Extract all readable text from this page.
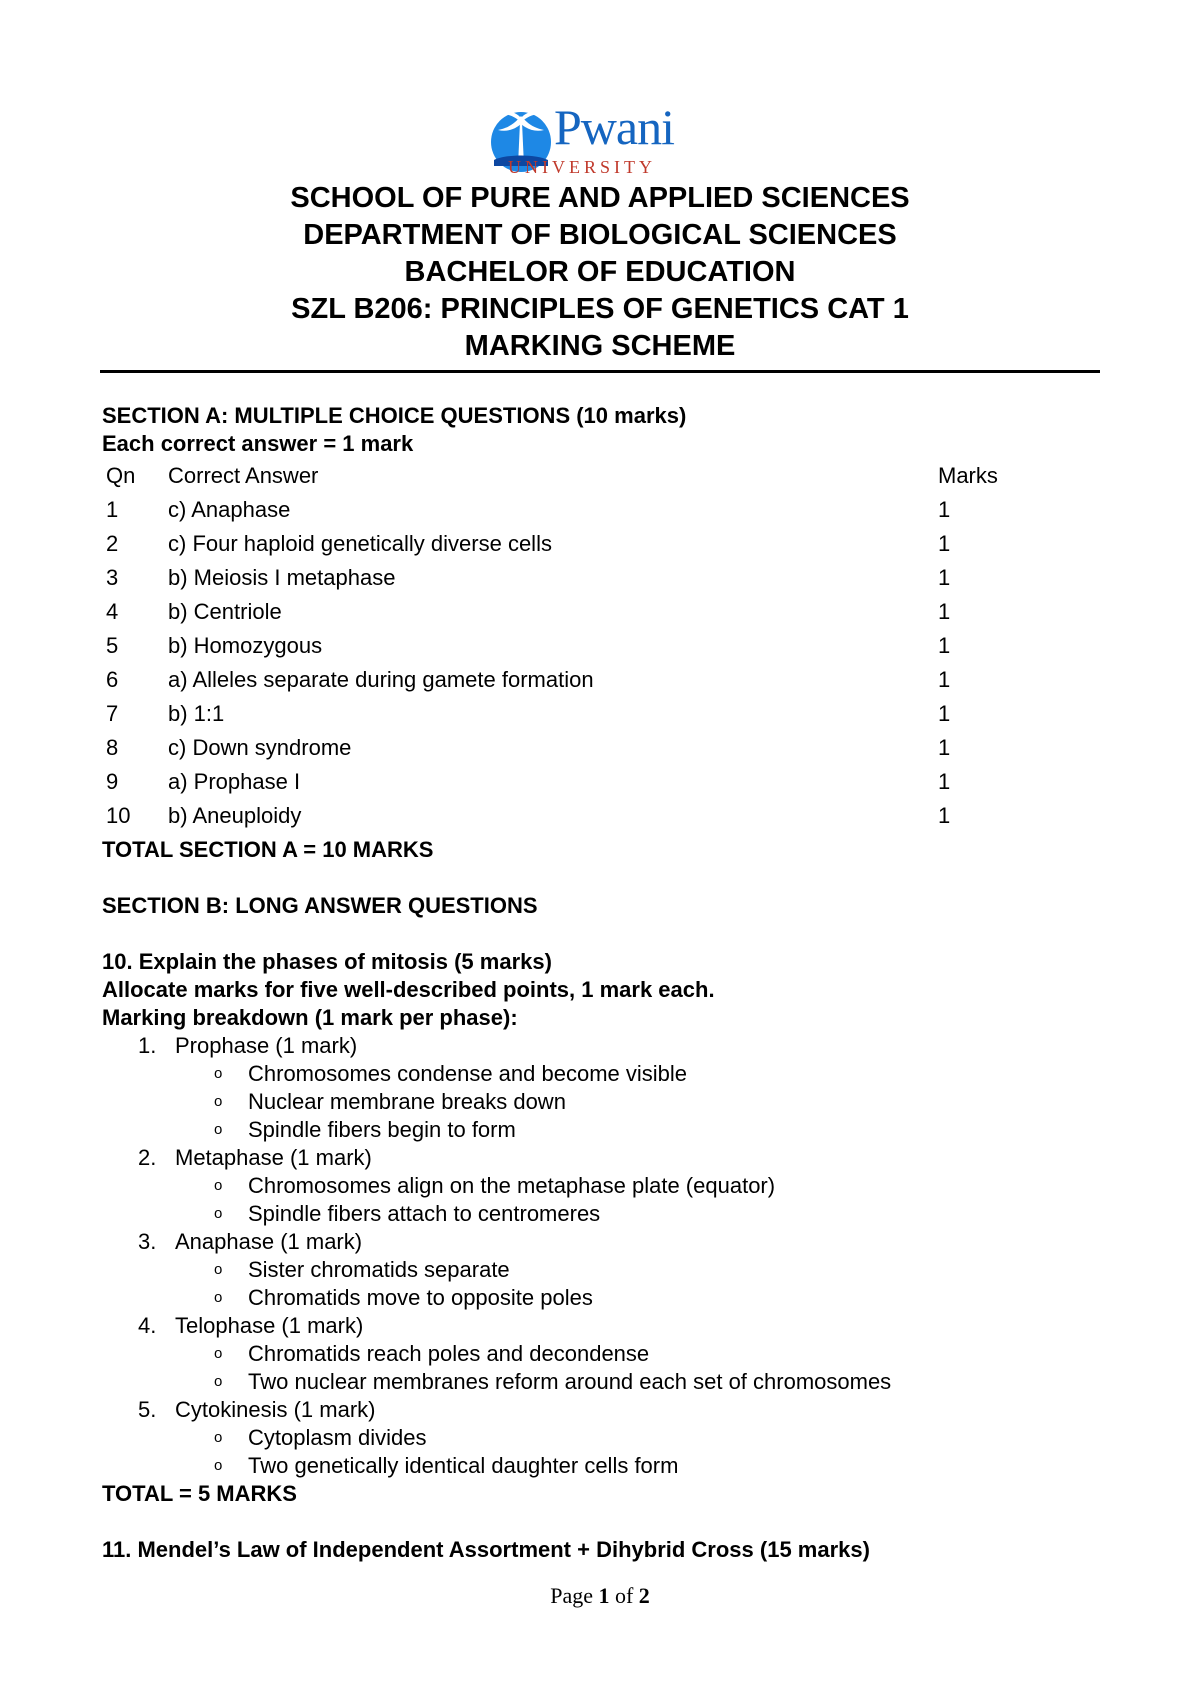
Pwani
UNIVERSITY
SCHOOL OF PURE AND APPLIED SCIENCES
DEPARTMENT OF BIOLOGICAL SCIENCES
BACHELOR OF EDUCATION
SZL B206: PRINCIPLES OF GENETICS CAT 1
MARKING SCHEME
SECTION A: MULTIPLE CHOICE QUESTIONS (10 marks)
Each correct answer = 1 mark
Qn Correct Answer	Marks
1 c) Anaphase	1
2 c) Four haploid genetically diverse cells	1
3 b) Meiosis I metaphase	1
4 b) Centriole	1
5 b) Homozygous	1
6 a) Alleles separate during gamete formation	1
7 b) 1:1	1
8 c) Down syndrome	1
9 a) Prophase I	1
10 b) Aneuploidy	1
TOTAL SECTION A = 10 MARKS
SECTION B: LONG ANSWER QUESTIONS
10. Explain the phases of mitosis (5 marks)
Allocate marks for five well-described points, 1 mark each.
Marking breakdown (1 mark per phase):
1. Prophase (1 mark)
o Chromosomes condense and become visible
o Nuclear membrane breaks down
o Spindle fibers begin to form
2. Metaphase (1 mark)
o Chromosomes align on the metaphase plate (equator)
o Spindle fibers attach to centromeres
3. Anaphase (1 mark)
o Sister chromatids separate
o Chromatids move to opposite poles
4. Telophase (1 mark)
o Chromatids reach poles and decondense
o Two nuclear membranes reform around each set of chromosomes
5. Cytokinesis (1 mark)
o Cytoplasm divides
o Two genetically identical daughter cells form
TOTAL = 5 MARKS
11. Mendel’s Law of Independent Assortment + Dihybrid Cross (15 marks)
Page 1 of 2
